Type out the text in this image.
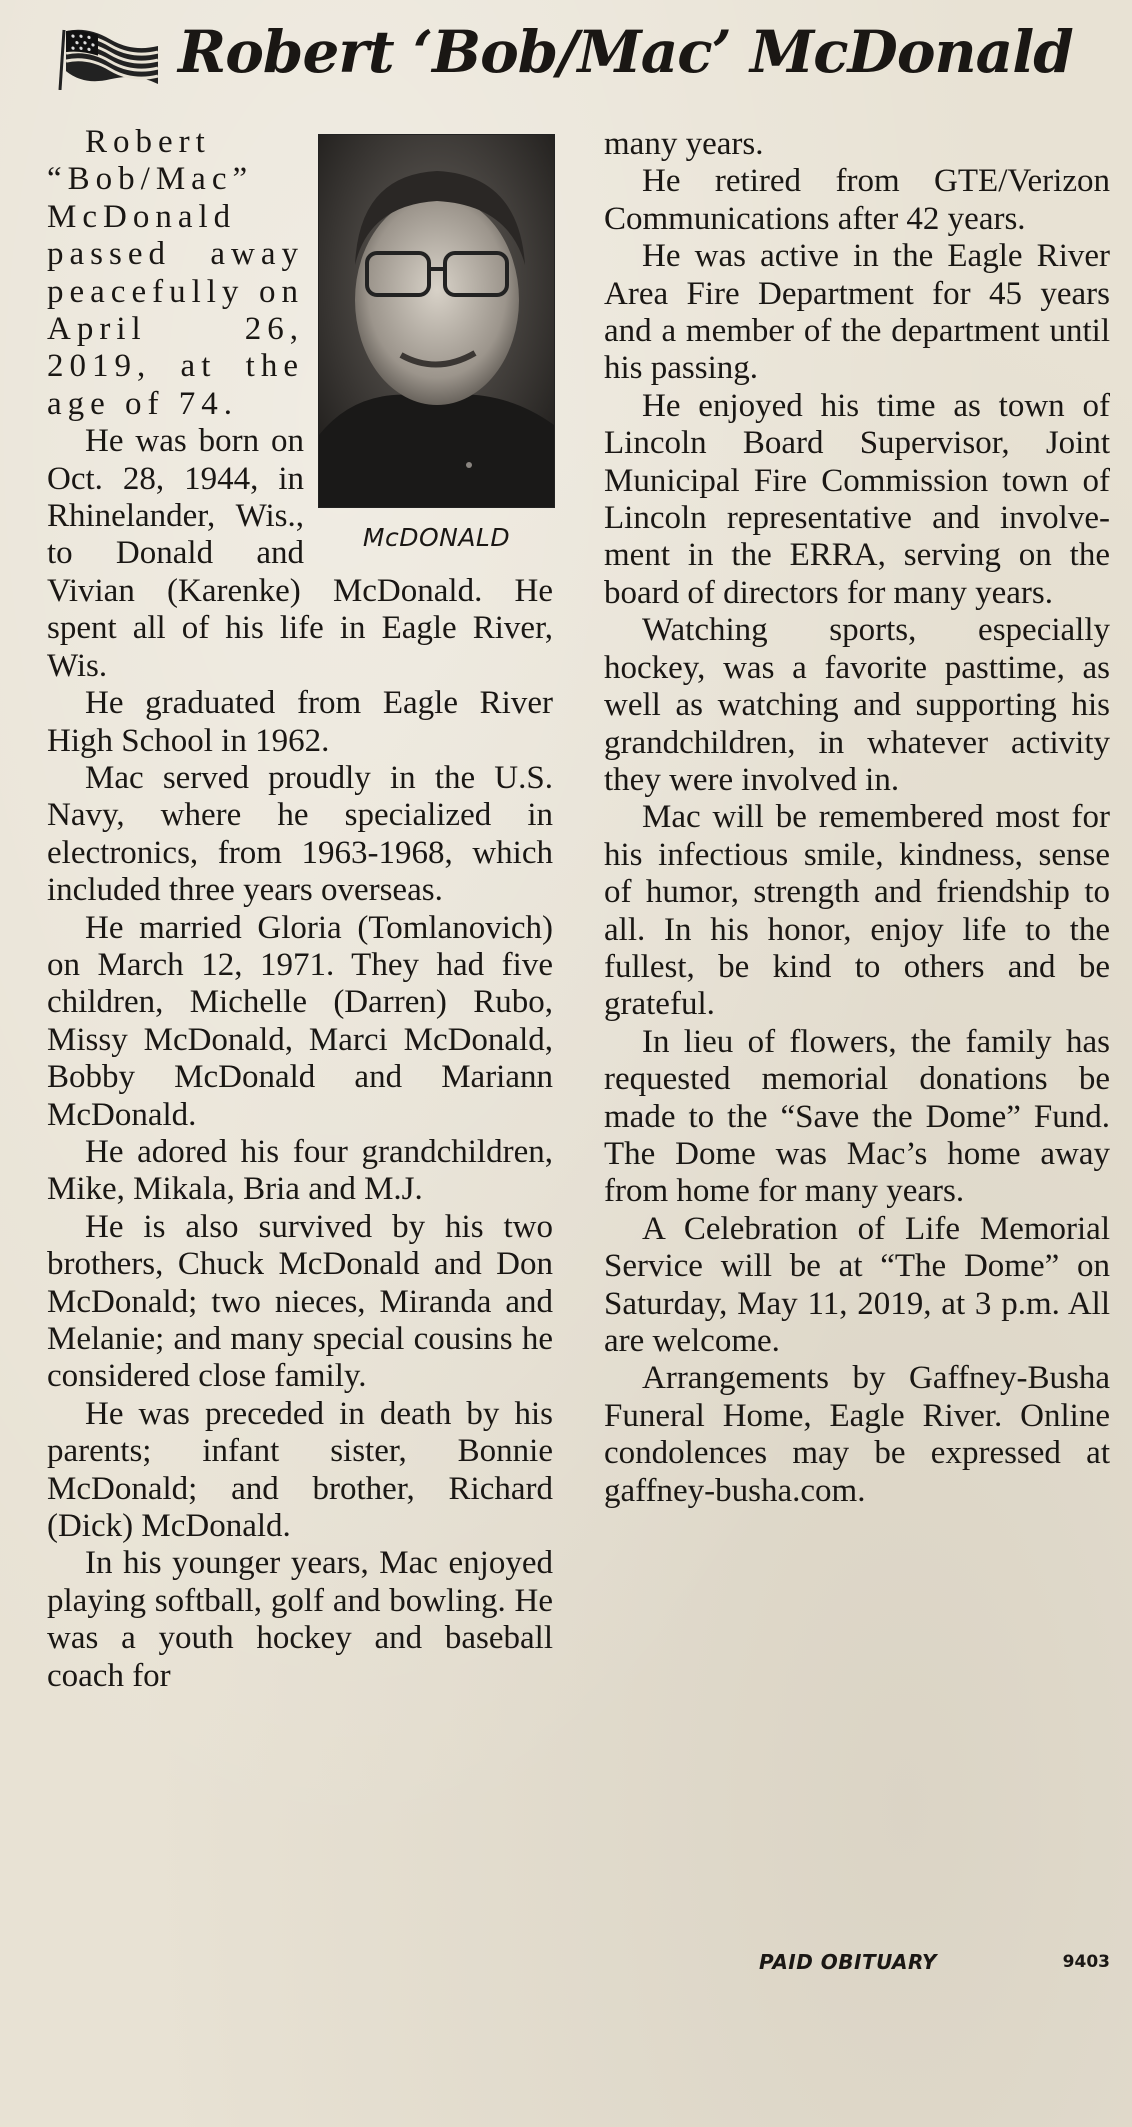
Robert ‘Bob/Mac’ McDonald
McDONALD

Robert “Bob/Mac” McDonald passed away peacefully on April 26, 2019, at the age of 74.

He was born on Oct. 28, 1944, in Rhinelander, Wis., to Donald and Vivian (Karenke) McDonald. He spent all of his life in Eagle River, Wis.

He graduated from Eagle River High School in 1962.

Mac served proudly in the U.S. Navy, where he specialized in electronics, from 1963-1968, which included three years overseas.

He married Gloria (Tomlanovich) on March 12, 1971. They had five children, Michelle (Darren) Rubo, Missy McDonald, Marci McDonald, Bobby McDonald and Mariann McDonald.

He adored his four grandchildren, Mike, Mikala, Bria and M.J.

He is also survived by his two brothers, Chuck McDonald and Don McDonald; two nieces, Miranda and Melanie; and many special cousins he considered close family.

He was preceded in death by his parents; infant sister, Bonnie McDonald; and brother, Richard (Dick) McDonald.

In his younger years, Mac enjoyed playing softball, golf and bowling. He was a youth hockey and baseball coach for

many years.

He retired from GTE/Verizon Communications after 42 years.

He was active in the Eagle River Area Fire Department for 45 years and a member of the department until his passing.

He enjoyed his time as town of Lincoln Board Supervisor, Joint Municipal Fire Commission town of Lincoln representative and involvement in the ERRA, serving on the board of directors for many years.

Watching sports, especially hockey, was a favorite pasttime, as well as watching and supporting his grandchildren, in whatever activity they were involved in.

Mac will be remembered most for his infectious smile, kindness, sense of humor, strength and friendship to all. In his honor, enjoy life to the fullest, be kind to others and be grateful.

In lieu of flowers, the family has requested memorial donations be made to the “Save the Dome” Fund. The Dome was Mac’s home away from home for many years.

A Celebration of Life Memorial Service will be at “The Dome” on Saturday, May 11, 2019, at 3 p.m. All are welcome.

Arrangements by Gaffney-Busha Funeral Home, Eagle River. Online condolences may be expressed at gaffney-busha.com.

PAID OBITUARY	9403
